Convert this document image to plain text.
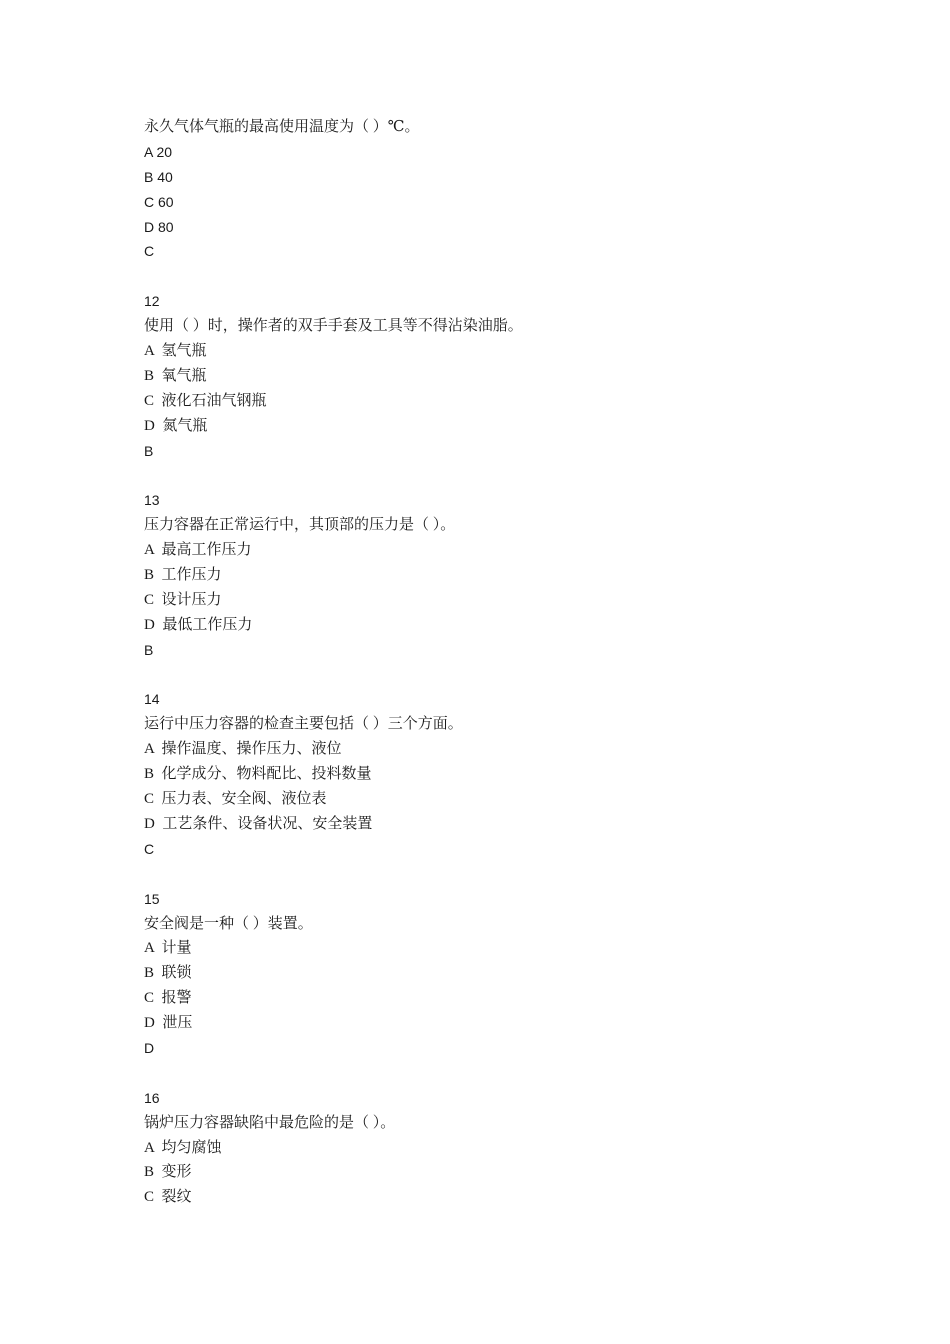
永久气体气瓶的最高使用温度为（ ）℃。
A 20
B 40
C 60
D 80
C
12
使用（ ）时，操作者的双手手套及工具等不得沾染油脂。
A  氢气瓶
B  氧气瓶
C  液化石油气钢瓶
D  氮气瓶
B
13
压力容器在正常运行中，其顶部的压力是（ ）。
A  最高工作压力
B  工作压力
C  设计压力
D  最低工作压力
B
14
运行中压力容器的检查主要包括（ ）三个方面。
A  操作温度、操作压力、液位
B  化学成分、物料配比、投料数量
C  压力表、安全阀、液位表
D  工艺条件、设备状况、安全装置
C
15
安全阀是一种（ ）装置。
A  计量
B  联锁
C  报警
D  泄压
D
16
锅炉压力容器缺陷中最危险的是（ ）。
A  均匀腐蚀
B  变形
C  裂纹
